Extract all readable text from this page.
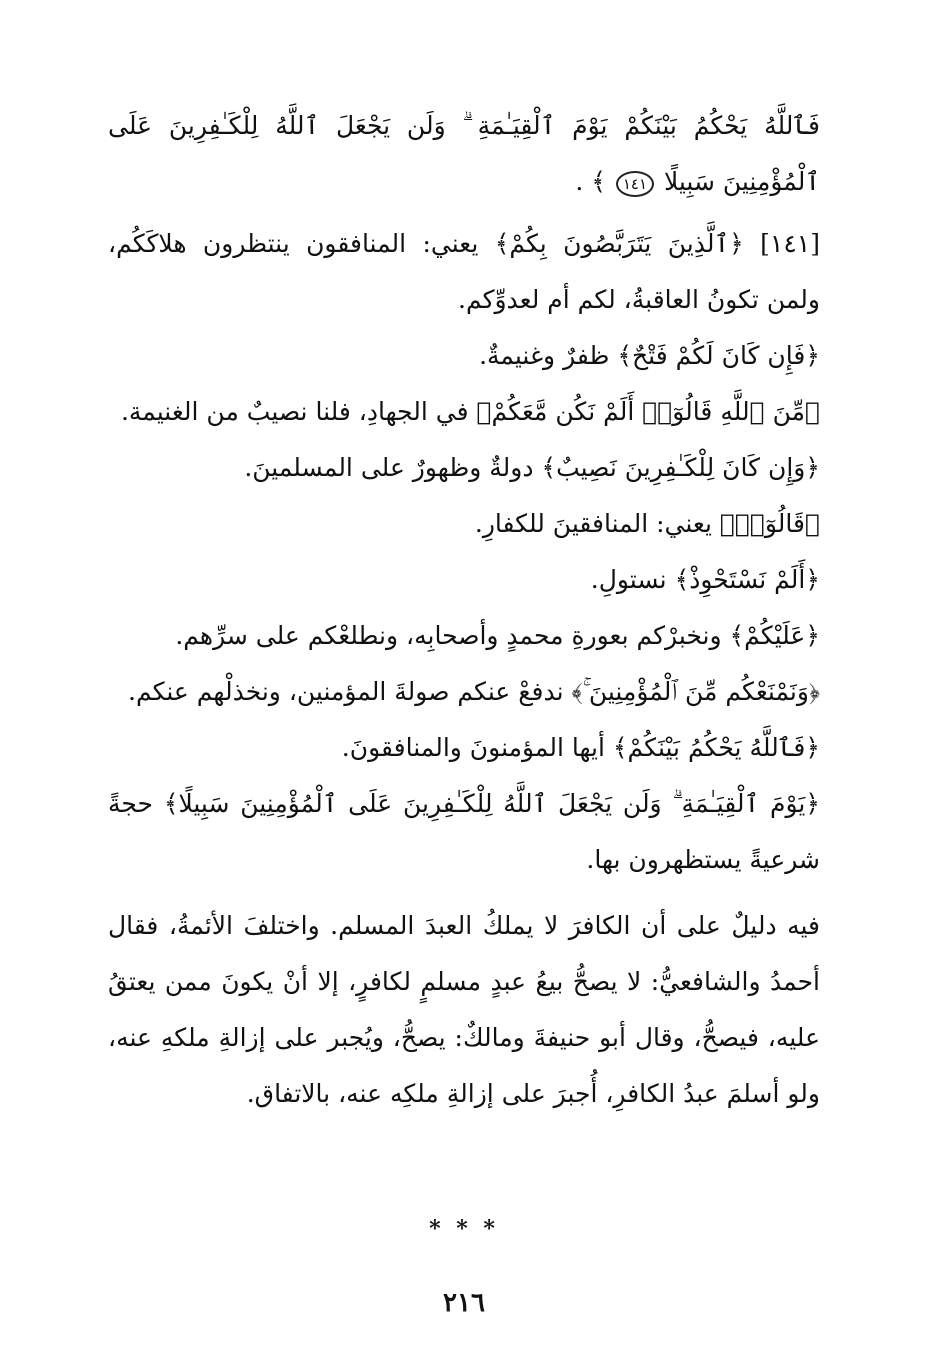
فَٱللَّهُ يَحْكُمُ بَيْنَكُمْ يَوْمَ ٱلْقِيَـٰمَةِ ۗ وَلَن يَجْعَلَ ٱللَّهُ لِلْكَـٰفِرِينَ عَلَى ٱلْمُؤْمِنِينَ سَبِيلًا ١٤١ ﴾ .

[١٤١] ﴿ٱلَّذِينَ يَتَرَبَّصُونَ بِكُمْ﴾ يعني: المنافقون ينتظرون هلاكَكُم، ولمن تكونُ العاقبةُ، لكم أم لعدوِّكم.

﴿فَإِن كَانَ لَكُمْ فَتْحٌ﴾ ظفرٌ وغنيمةٌ.

﴿مِّنَ ٱللَّهِ قَالُوٓا۟ أَلَمْ نَكُن مَّعَكُمْ﴾ في الجهادِ، فلنا نصيبٌ من الغنيمة.

﴿وَإِن كَانَ لِلْكَـٰفِرِينَ نَصِيبٌ﴾ دولةٌ وظهورٌ على المسلمينَ.

﴿قَالُوٓا۟﴾ يعني: المنافقينَ للكفارِ.

﴿أَلَمْ نَسْتَحْوِذْ﴾ نستولِ.

﴿عَلَيْكُمْ﴾ ونخبرْكم بعورةِ محمدٍ وأصحابِه، ونطلعْكم على سرِّهم.

﴿وَنَمْنَعْكُم مِّنَ ٱلْمُؤْمِنِينَ ۚ﴾ ندفعْ عنكم صولةَ المؤمنين، ونخذلْهم عنكم.

﴿فَٱللَّهُ يَحْكُمُ بَيْنَكُمْ﴾ أيها المؤمنونَ والمنافقونَ.

﴿يَوْمَ ٱلْقِيَـٰمَةِ ۗ وَلَن يَجْعَلَ ٱللَّهُ لِلْكَـٰفِرِينَ عَلَى ٱلْمُؤْمِنِينَ سَبِيلًا﴾ حجةً شرعيةً يستظهرون بها.

فيه دليلٌ على أن الكافرَ لا يملكُ العبدَ المسلم. واختلفَ الأئمةُ، فقال أحمدُ والشافعيُّ: لا يصحُّ بيعُ عبدٍ مسلمٍ لكافرٍ، إلا أنْ يكونَ ممن يعتقُ عليه، فيصحُّ، وقال أبو حنيفةَ ومالكٌ: يصحُّ، ويُجبر على إزالةِ ملكهِ عنه، ولو أسلمَ عبدُ الكافرِ، أُجبرَ على إزالةِ ملكِه عنه، بالاتفاق.

* * *
٢١٦
